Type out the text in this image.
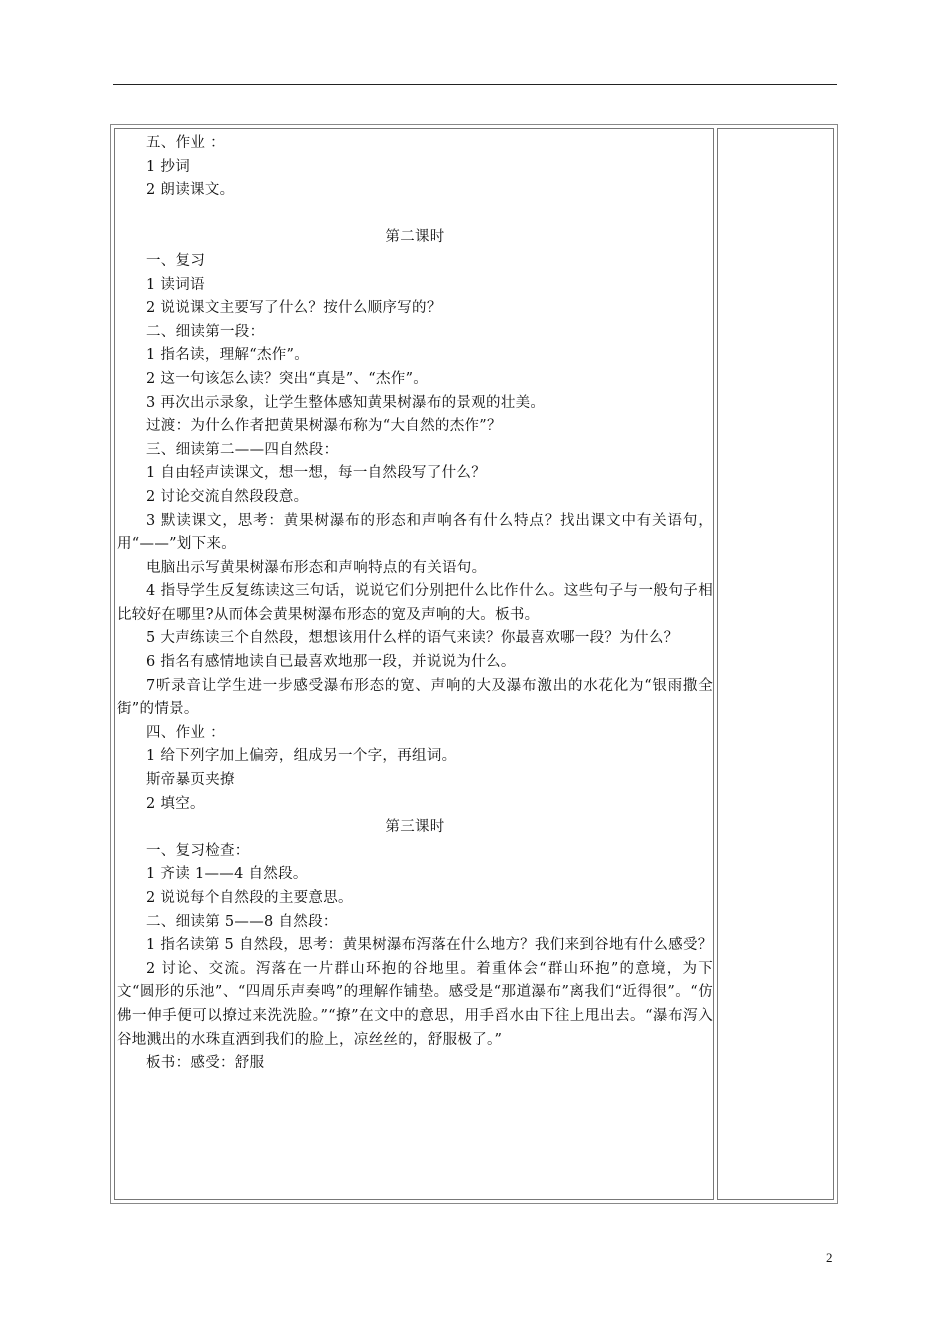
五、作业 ：

1 抄词

2 朗读课文。

第二课时

一、复习

1 读词语

2 说说课文主要写了什么？按什么顺序写的？

二、细读第一段：

1 指名读，理解“杰作”。

2 这一句该怎么读？突出“真是”、“杰作”。

3 再次出示录象，让学生整体感知黄果树瀑布的景观的壮美。

过渡：为什么作者把黄果树瀑布称为“大自然的杰作”？

三、细读第二——四自然段：

1 自由轻声读课文，想一想，每一自然段写了什么？

2 讨论交流自然段段意。

3 默读课文，思考：黄果树瀑布的形态和声响各有什么特点？找出课文中有关语句，用“——”划下来。

电脑出示写黄果树瀑布形态和声响特点的有关语句。

4 指导学生反复练读这三句话，说说它们分别把什么比作什么。这些句子与一般句子相比较好在哪里?从而体会黄果树瀑布形态的宽及声响的大。板书。

5 大声练读三个自然段，想想该用什么样的语气来读？你最喜欢哪一段？为什么？

6 指名有感情地读自已最喜欢地那一段，并说说为什么。

7听录音让学生进一步感受瀑布形态的宽、声响的大及瀑布激出的水花化为“银雨撒全街”的情景。

四、作业 ：

1 给下列字加上偏旁，组成另一个字，再组词。

斯帝暴页夹撩

2 填空。

第三课时

一、复习检查：

1 齐读 1——4 自然段。

2 说说每个自然段的主要意思。

二、细读第 5——8 自然段：

1 指名读第 5 自然段，思考：黄果树瀑布泻落在什么地方？我们来到谷地有什么感受？

2 讨论、交流。泻落在一片群山环抱的谷地里。着重体会“群山环抱”的意境，为下文“圆形的乐池”、“四周乐声奏鸣”的理解作铺垫。感受是“那道瀑布”离我们“近得很”。“仿佛一伸手便可以撩过来洗洗脸。”“撩”在文中的意思，用手舀水由下往上甩出去。“瀑布泻入谷地溅出的水珠直洒到我们的脸上，凉丝丝的，舒服极了。”

板书：感受：舒服

2
